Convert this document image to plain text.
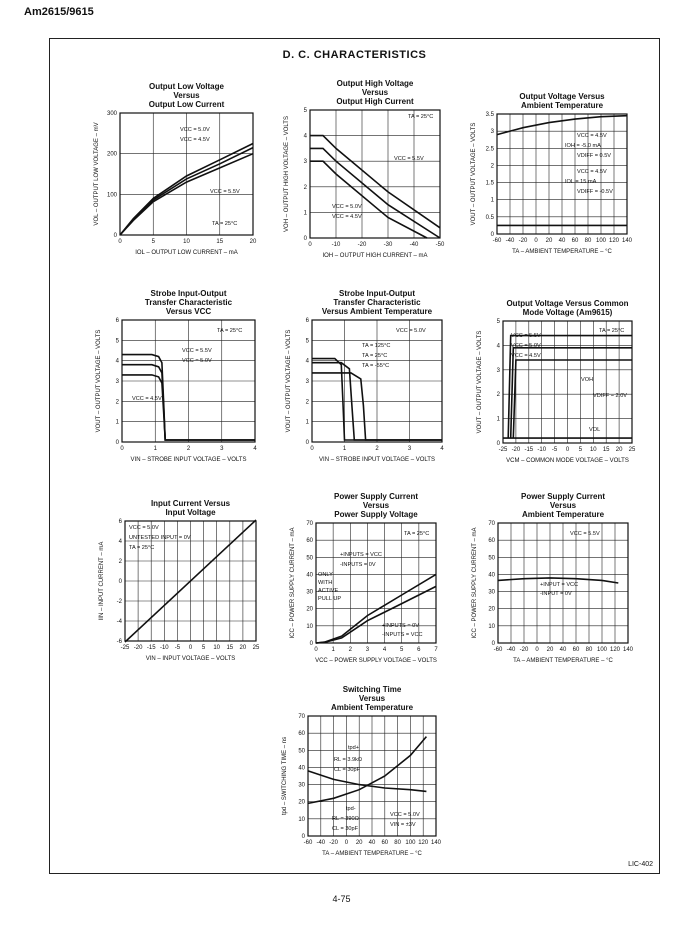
Am2615/9615
D. C. CHARACTERISTICS
LIC-402
4-75
Output Low Voltage
Versus
Output Low Current
0	5	10	15	20
0
100
200
300
IOL – OUTPUT LOW CURRENT – mA
VOL – OUTPUT LOW VOLTAGE – mV	VCC = 5.0V
VCC = 4.5V
VCC = 5.5V
TA = 25°C
Output High Voltage
Versus
Output High Current
0	-10	-20	-30	-40	-50
0
1
2
3
4
5
IOH – OUTPUT HIGH CURRENT – mA
VOH – OUTPUT HIGH VOLTAGE – VOLTS	TA = 25°C
VCC = 5.5V
VCC = 5.0V
VCC = 4.5V
Output Voltage Versus
Ambient Temperature
-60 -40 -20 0 20 40 60 80 100 120 140
0
0.5
1
1.5
2
2.5
3
3.5
TA – AMBIENT TEMPERATURE – °C
VOUT – OUTPUT VOLTAGE – VOLTS	VCC = 4.5V
IOH = -5.0 mA
VDIFF = 0.5V
VCC = 4.5V
IOL = 15 mA
VDIFF = -0.5V
Strobe Input-Output
Transfer Characteristic
Versus VCC
0	1	2	3	4
0
1
2
3
4
5
6
VIN – STROBE INPUT VOLTAGE – VOLTS
VOUT – OUTPUT VOLTAGE – VOLTS	TA = 25°C
VCC = 5.5V
VCC = 5.0V
VCC = 4.5V
Strobe Input-Output
Transfer Characteristic
Versus Ambient Temperature
0	1	2	3	4
0
1
2
3
4
5
6
VIN – STROBE INPUT VOLTAGE – VOLTS
VOUT – OUTPUT VOLTAGE – VOLTS	VCC = 5.0V
TA = 125°C
TA = 25°C
TA = -55°C
Output Voltage Versus Common
Mode Voltage (Am9615)
-25 -20 -15 -10 -5 0 5 10 15 20 25
0
1
2
3
4
5
VCM – COMMON MODE VOLTAGE – VOLTS
VOUT – OUTPUT VOLTAGE – VOLTS	TA = 25°C
VCC = 5.5V
VCC = 5.0V
VCC = 4.5V
VOH
VDIFF = 2.0V
VOL
Input Current Versus
Input Voltage
-25 -20 -15 -10 -5 0 5 10 15 20 25
-6
-4
-2
0
2
4
6
VIN – INPUT VOLTAGE – VOLTS
IIN – INPUT CURRENT – mA
VCC = 5.0V
UNTESTED INPUT = 0V
TA = 25°C
Power Supply Current
Versus
Power Supply Voltage
0 1 2 3 4 5 6 7
0
10
20
30
40
50
60
70
VCC – POWER SUPPLY VOLTAGE – VOLTS
ICC – POWER SUPPLY CURRENT – mA	TA = 25°C
+INPUTS = VCC
-INPUTS = 0V
ONLY
WITH
ACTIVE
PULL UP
+INPUTS = 0V
-INPUTS = VCC
Power Supply Current
Versus
Ambient Temperature
-60 -40 -20 0 20 40 60 80 100 120 140
0
10
20
30
40
50
60
70
TA – AMBIENT TEMPERATURE – °C
ICC – POWER SUPPLY CURRENT – mA	VCC = 5.5V
+INPUT = VCC
-INPUT = 0V
Switching Time
Versus
Ambient Temperature
-60 -40 -20 0 20 40 60 80 100 120 140
0
10
20
30
40
50
60
70
TA – AMBIENT TEMPERATURE – °C
tpd – SWITCHING TIME – ns	tpd+
RL = 3.9kΩ
CL = 30pF
tpd-
RL = 390Ω
CL = 30pF
VCC = 5.0V
VIN = ±3V
